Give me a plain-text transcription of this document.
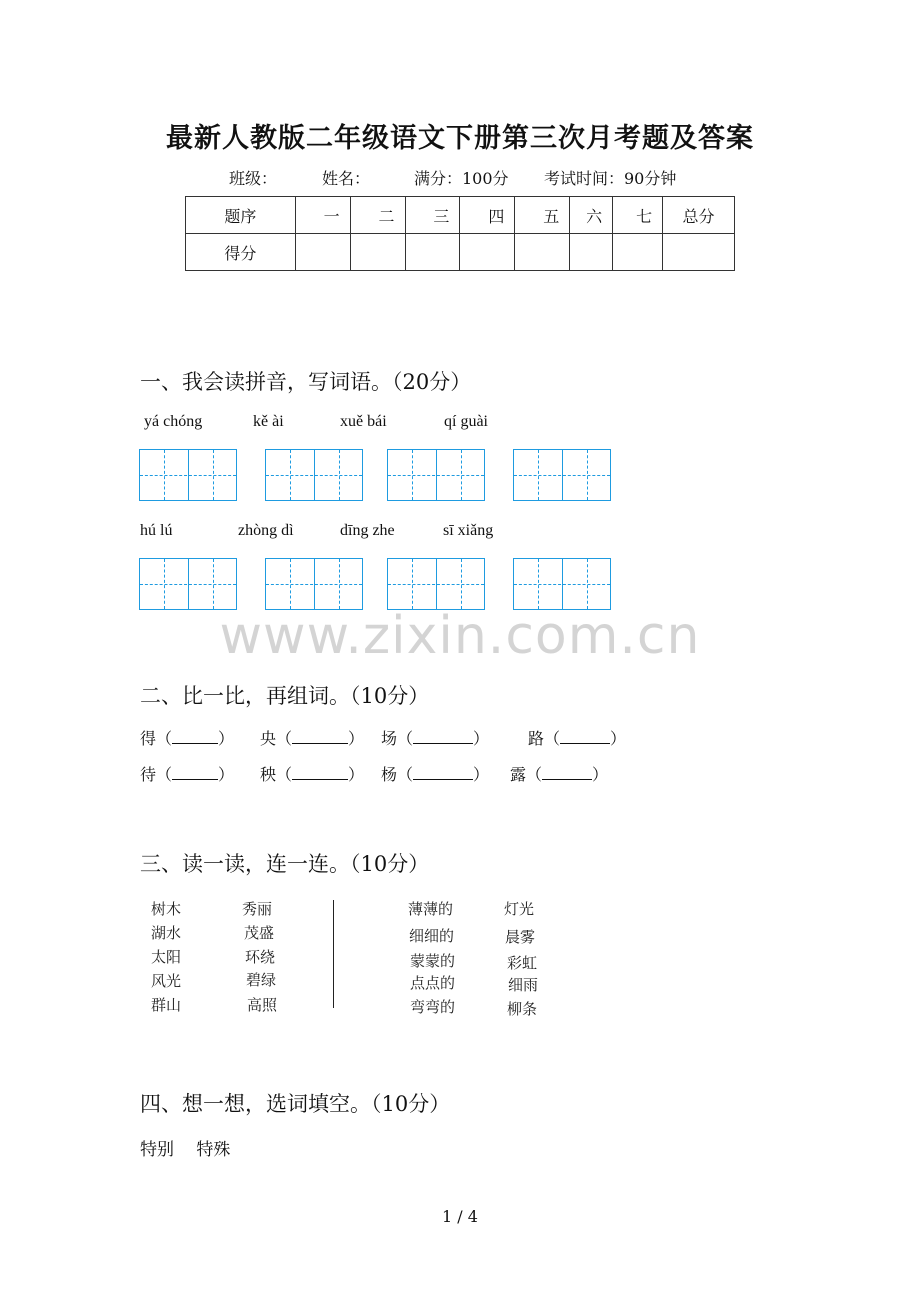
最新人教版二年级语文下册第三次月考题及答案
班级：	姓名：	满分：100分 考试时间：90分钟
题序	一	二	三	四	五	六	七	总分
得分								
一、我会读拼音，写词语。（20分）
yá chóng	kě ài	xuě bái	qí guài
hú lú	zhòng dì	dīng zhe	sī xiǎng
www.zixin.com.cn
二、比一比，再组词。（10分）
得（	） 央（	） 场（	） 路（	）
待（	） 秧（	） 杨（	） 露（	）
三、读一读，连一连。（10分）
树木
湖水
太阳
风光
群山
秀丽
茂盛
环绕
碧绿
高照
薄薄的
细细的
蒙蒙的
点点的
弯弯的
灯光
晨雾
彩虹
细雨
柳条
四、想一想，选词填空。（10分）
特别　 特殊
1 / 4
